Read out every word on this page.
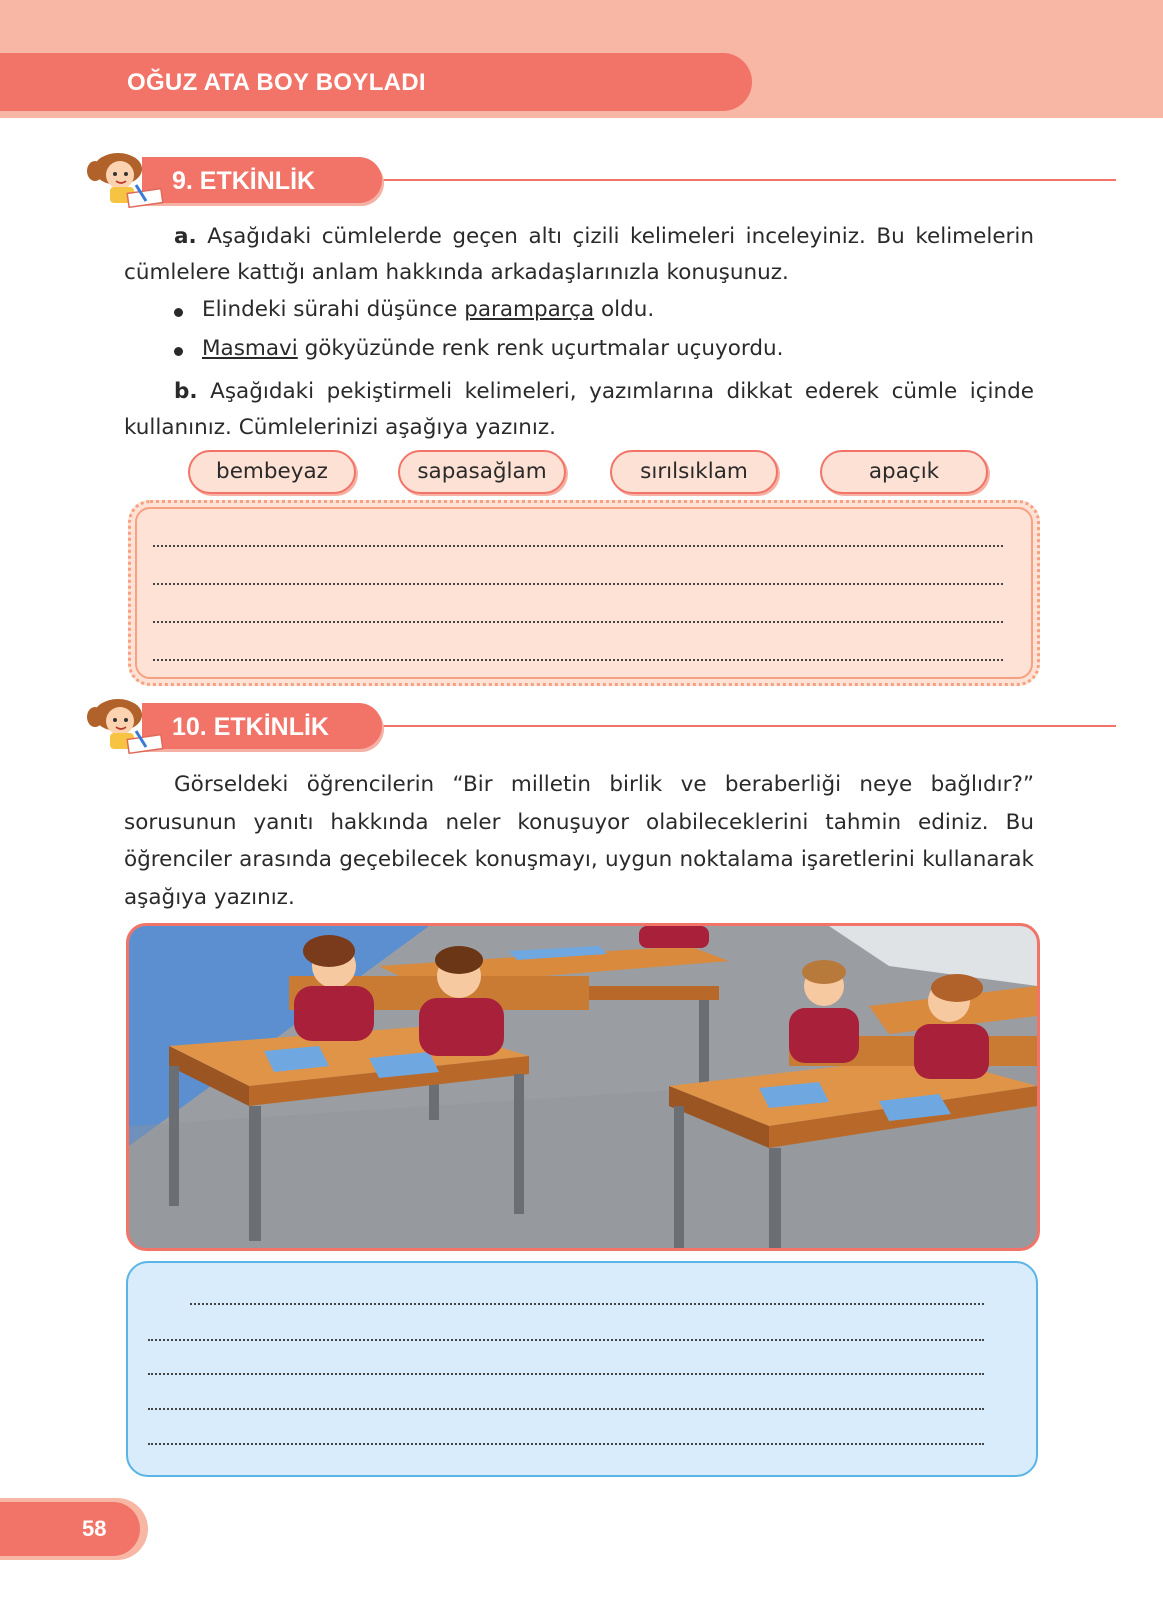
OĞUZ ATA BOY BOYLADI
9. ETKİNLİK
a. Aşağıdaki cümlelerde geçen altı çizili kelimeleri inceleyiniz. Bu kelimelerin cümlelere kattığı anlam hakkında arkadaşlarınızla konuşunuz.
Elindeki sürahi düşünce paramparça oldu.
Masmavi gökyüzünde renk renk uçurtmalar uçuyordu.
b. Aşağıdaki pekiştirmeli kelimeleri, yazımlarına dikkat ederek cümle içinde kullanınız. Cümlelerinizi aşağıya yazınız.
bembeyaz	sapasağlam	sırılsıklam	apaçık
10. ETKİNLİK
Görseldeki öğrencilerin “Bir milletin birlik ve beraberliği neye bağlıdır?” sorusunun yanıtı hakkında neler konuşuyor olabileceklerini tahmin ediniz. Bu öğrenciler arasında geçebilecek konuşmayı, uygun noktalama işaretlerini kullanarak aşağıya yazınız.
58
